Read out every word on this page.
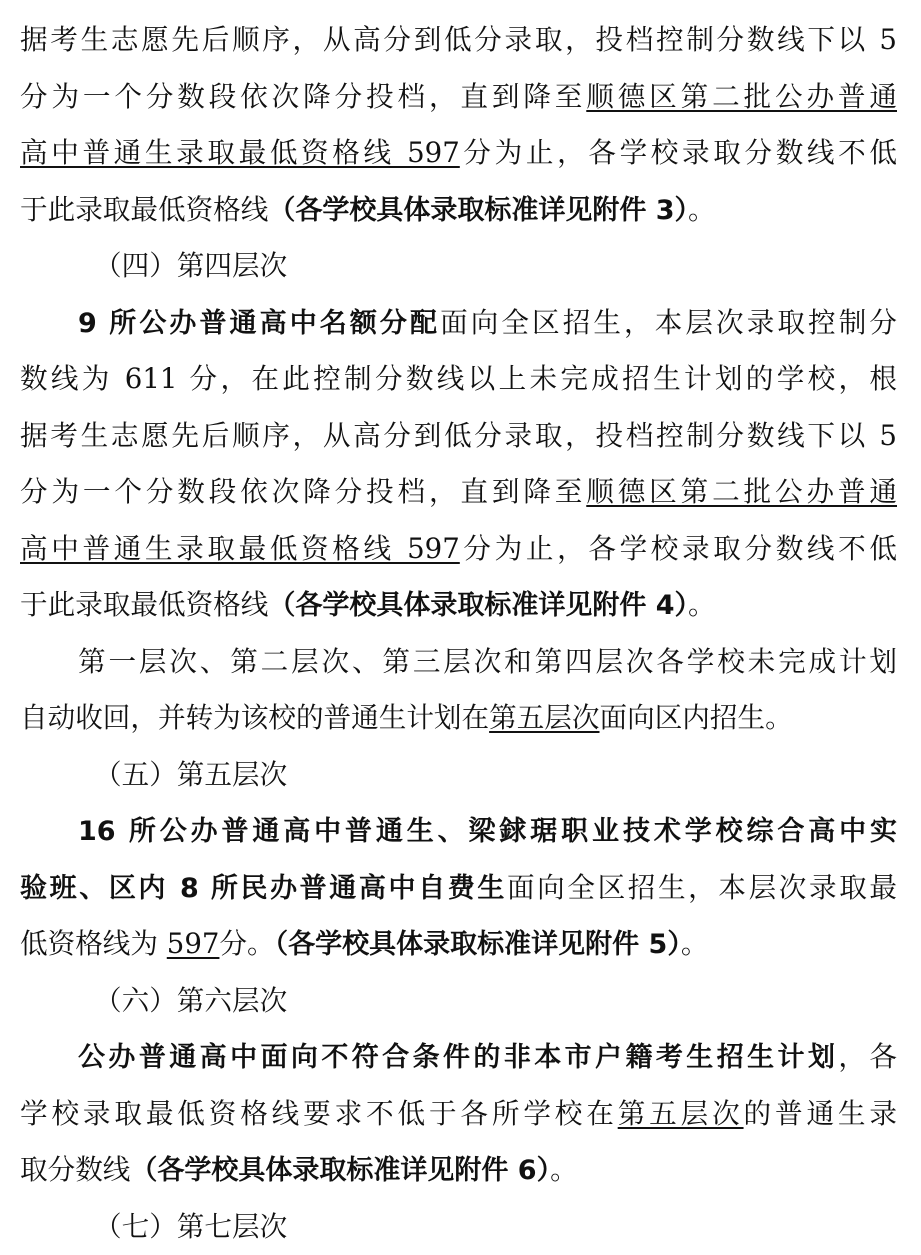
据考生志愿先后顺序，从高分到低分录取，投档控制分数线下以 5
分为一个分数段依次降分投档，直到降至顺德区第二批公办普通
高中普通生录取最低资格线 597分为止，各学校录取分数线不低
于此录取最低资格线（各学校具体录取标准详见附件 3）。
（四）第四层次
9 所公办普通高中名额分配面向全区招生，本层次录取控制分
数线为 611 分，在此控制分数线以上未完成招生计划的学校，根
据考生志愿先后顺序，从高分到低分录取，投档控制分数线下以 5
分为一个分数段依次降分投档，直到降至顺德区第二批公办普通
高中普通生录取最低资格线 597分为止，各学校录取分数线不低
于此录取最低资格线（各学校具体录取标准详见附件 4）。
第一层次、第二层次、第三层次和第四层次各学校未完成计划
自动收回，并转为该校的普通生计划在第五层次面向区内招生。
（五）第五层次
16 所公办普通高中普通生、梁銶琚职业技术学校综合高中实
验班、区内 8 所民办普通高中自费生面向全区招生，本层次录取最
低资格线为 597分。（各学校具体录取标准详见附件 5）。
（六）第六层次
公办普通高中面向不符合条件的非本市户籍考生招生计划，各
学校录取最低资格线要求不低于各所学校在第五层次的普通生录
取分数线（各学校具体录取标准详见附件 6）。
（七）第七层次
